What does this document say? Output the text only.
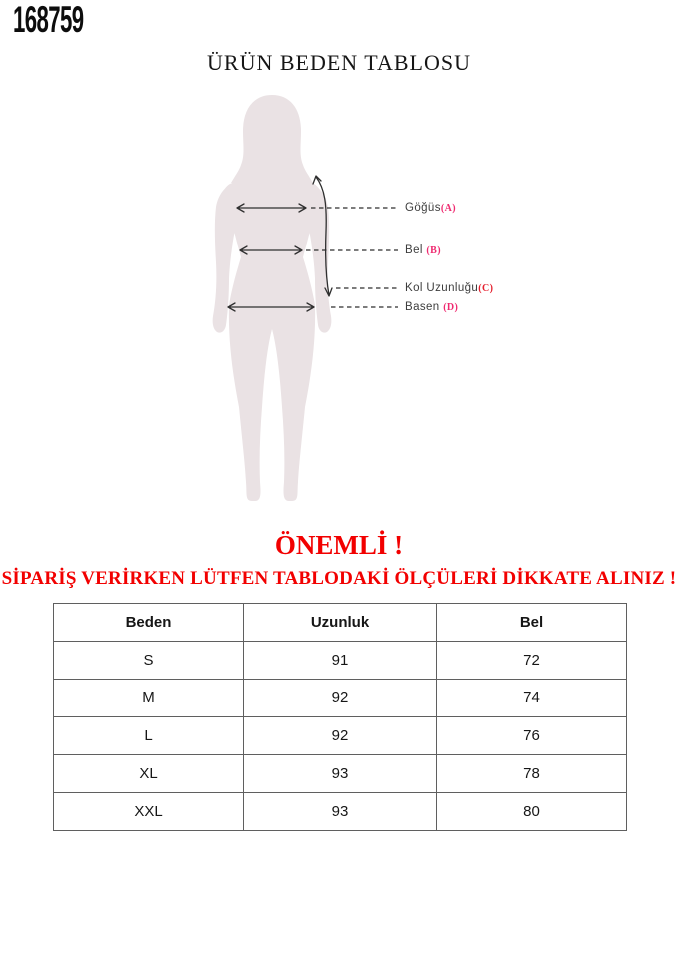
168759
ÜRÜN BEDEN TABLOSU
Göğüs(A)
Bel (B)
Kol Uzunluğu(C)
Basen (D)
ÖNEMLİ !
SİPARİŞ VERİRKEN LÜTFEN TABLODAKİ ÖLÇÜLERİ DİKKATE ALINIZ !
Beden	Uzunluk	Bel
S	91	72
M	92	74
L	92	76
XL	93	78
XXL	93	80
